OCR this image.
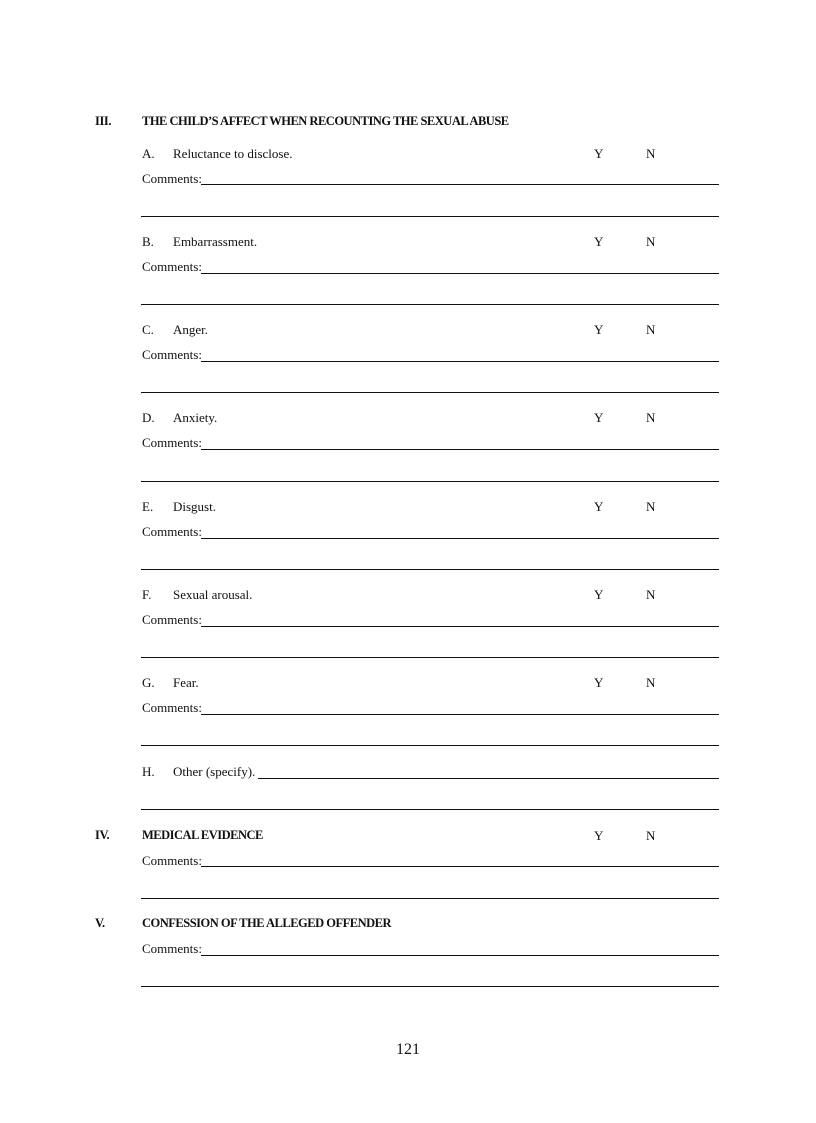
III. THE CHILD’S AFFECT WHEN RECOUNTING THE SEXUAL ABUSE
A. Reluctance to disclose.	Y	N
Comments:
B. Embarrassment.	Y	N
Comments:
C. Anger.	Y	N
Comments:
D. Anxiety.	Y	N
Comments:
E. Disgust.	Y	N
Comments:
F. Sexual arousal.	Y	N
Comments:
G. Fear.	Y	N
Comments:
H. Other (specify).
IV.	MEDICAL EVIDENCE	Y	N
Comments:
V.	CONFESSION OF THE ALLEGED OFFENDER
Comments:
121
